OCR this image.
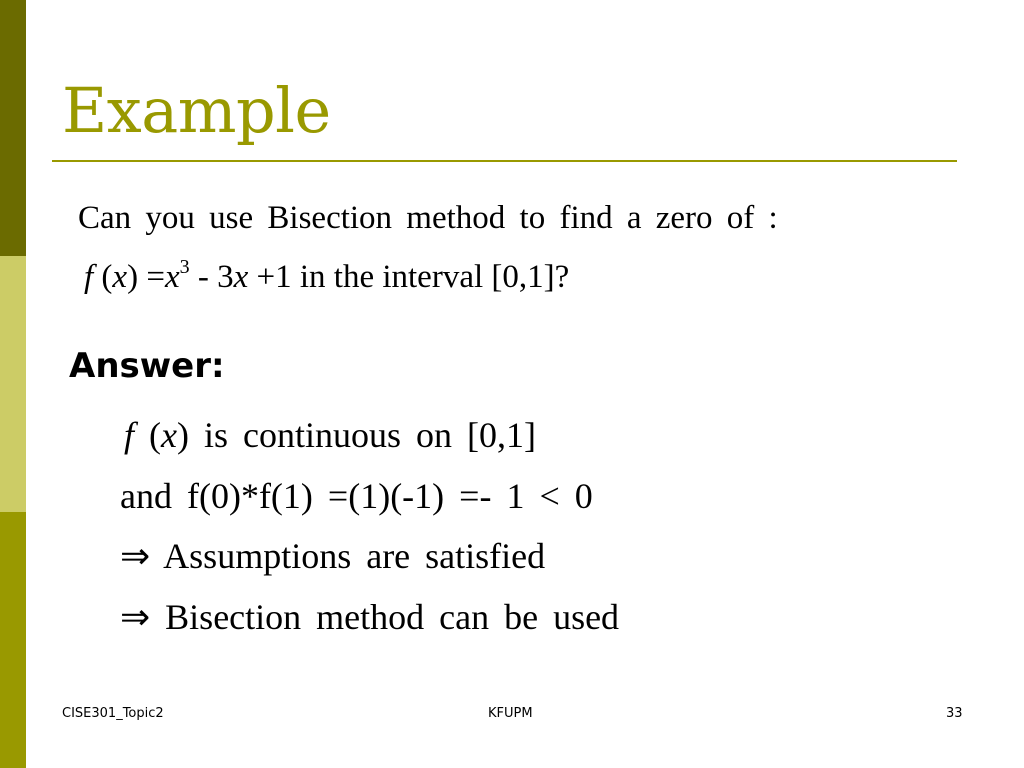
Example
Can you use Bisection method to find a zero of :
f $(x) =x^3 - 3x +1$ in the interval [0,1]?
Answer:
f (x) is continuous on [0,1]
and f(0)*f(1) =(1)(-1) =- 1 < 0
⇒ Assumptions are satisfied
⇒ Bisection method can be used
CISE301_Topic2	KFUPM	33
